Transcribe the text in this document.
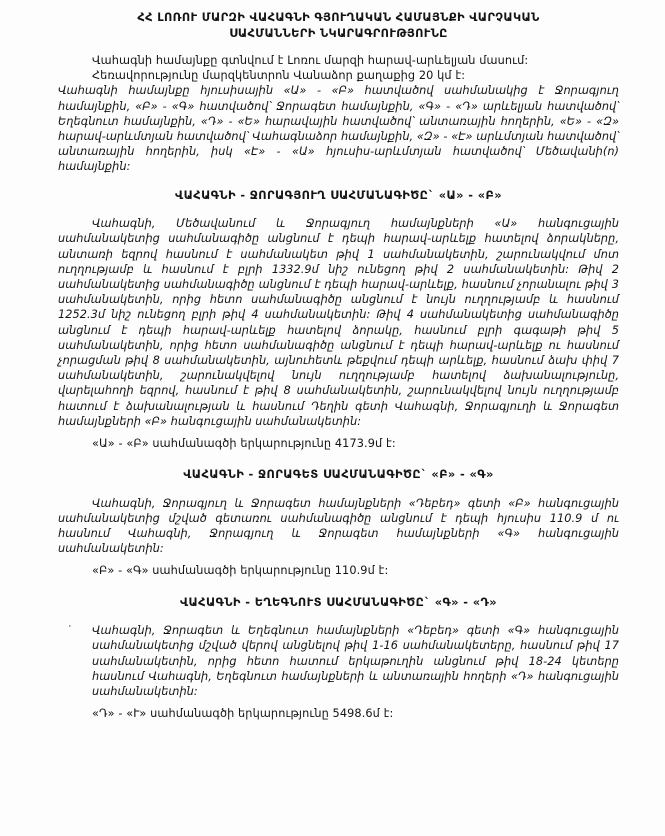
ՀՀ ԼՈՌՈՒ ՄԱՐԶԻ ՎԱՀԱԳՆԻ ԳՅՈՒՂԱԿԱՆ ՀԱՄԱՅՆՔԻ ՎԱՐՉԱԿԱՆ
ՍԱՀՄԱՆՆԵՐԻ ՆԿԱՐԱԳՐՈՒԹՅՈՒՆԸ

Վահագնի համայնքը գտնվում է Լոռու մարզի հարավ-արևելյան մասում:

Հեռավորությունը մարզկենտրոն Վանաձոր քաղաքից 20 կմ է:

Վահագնի համայնքը հյուսիսային «Ա» - «Բ» հատվածով սահմանակից է Ջորագյուղ համայնքին, «Բ» - «Գ» հատվածով՝ Ջորագետ համայնքին, «Գ» - «Դ» արևելյան հատվածով՝ Եղեգնուտ համայնքին, «Դ» - «Ե» հարավային հատվածով՝ անտառային հողերին, «Ե» - «Զ» հարավ-արևմտյան հատվածով՝ Վահագնաձոր համայնքին, «Զ» - «Է» արևմտյան հատվածով՝ անտառային հողերին, իսկ «Է» - «Ա» հյուսիս-արևմտյան հատվածով՝ Մեծավանի(ո) համայնքին:

ՎԱՀԱԳՆԻ - ՋՈՐԱԳՅՈՒՂ ՍԱՀՄԱՆԱԳԻԾԸ` «Ա» - «Բ»

Վահագնի, Մեծավանում և Ջորագյուղ համայնքների «Ա» հանգուցային սահմանակետից սահմանագիծը անցնում է դեպի հարավ-արևելք հատելով ձորակները, անտառի եզրով հասնում է սահմանակետ թիվ 1 սահմանակետին, շարունակվում մոտ ուղղությամբ և հասնում է բլրի 1332.9մ նիշ ունեցող թիվ 2 սահմանակետին: Թիվ 2 սահմանակետից սահմանագիծը անցնում է դեպի հարավ-արևելք, հասնում չորանալու թիվ 3 սահմանակետին, որից հետո սահմանագիծը անցնում է նույն ուղղությամբ և հասնում 1252.3մ նիշ ունեցող բլրի թիվ 4 սահմանակետին: Թիվ 4 սահմանակետից սահմանագիծը անցնում է դեպի հարավ-արևելք հատելով ձորակը, հասնում բլրի գագաթի թիվ 5 սահմանակետին, որից հետո սահմանագիծը անցնում է դեպի հարավ-արևելք ու հասնում չորացման թիվ 8 սահմանակետին, այնուհետև թեքվում դեպի արևելք, հասնում ձախ փիվ 7 սահմանակետին, շարունակվելով նույն ուղղությամբ հատելով ձախանալությունը, վարելահողի եզրով, հասնում է թիվ 8 սահմանակետին, շարունակվելով նույն ուղղությամբ հատում է ձախանալության և հասնում Դեղին գետի Վահագնի, Ջորագյուղի և Ջորագետ համայնքների «Բ» հանգուցային սահմանակետին:

«Ա» - «Բ» սահմանագծի երկարությունը 4173.9մ է:

ՎԱՀԱԳՆԻ - ՋՈՐԱԳԵՏ ՍԱՀՄԱՆԱԳԻԾԸ` «Բ» - «Գ»

Վահագնի, Ջորագյուղ և Ջորագետ համայնքների «Դեբեդ» գետի «Բ» հանգուցային սահմանակետից մշված գետառու սահմանագիծը անցնում է դեպի հյուսիս 110.9 մ ու հասնում Վահագնի, Ջորագյուղ և Ջորագետ համայնքների «Գ» հանգուցային սահմանակետին:

«Բ» - «Գ» սահմանագծի երկարությունը 110.9մ է:

ՎԱՀԱԳՆԻ - ԵՂԵԳՆՈՒՏ ՍԱՀՄԱՆԱԳԻԾԸ` «Գ» - «Դ»

˙	Վահագնի, Ջորագետ և Եղեգնուտ համայնքների «Դեբեդ» գետի «Գ» հանգուցային սահմանակետից մշված վերով անցնելով թիվ 1-16 սահմանակետերը, հասնում թիվ 17 սահմանակետին, որից հետո հատում երկաթուղին անցնում թիվ 18-24 կետերը հասնում Վահագնի, Եղեգնուտ համայնքների և անտառային հողերի «Դ» հանգուցային սահմանակետին:

«Դ» - «Ւ» սահմանագծի երկարությունը 5498.6մ է:
